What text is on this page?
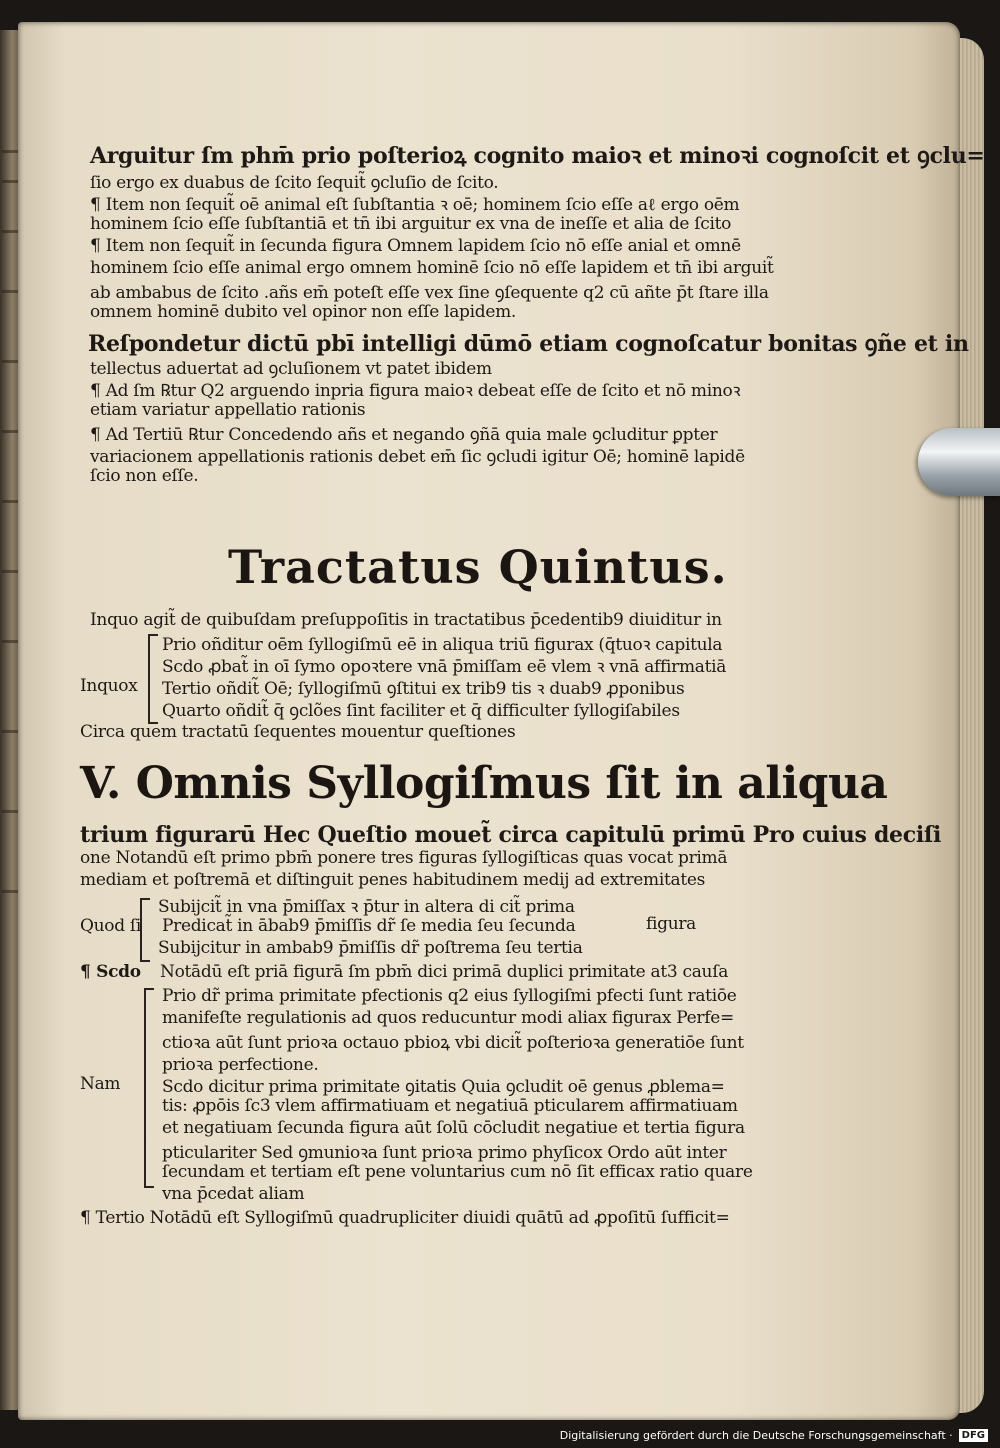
Arguitur ſm phm̄ prio poſterioꝝ cognito maioꝛ et minoꝛi cognoſcit et ꝯclu=
ſio ergo ex duabus de ſcito ſequit̃ ꝯcluſio de ſcito.
¶ Item non ſequit̃ oē animal eſt ſubſtantia ꝛ oē; hominem ſcio eſſe aℓ ergo oēm
hominem ſcio eſſe ſubſtantiā et tn̄ ibi arguitur ex vna de ineſſe et alia de ſcito
¶ Item non ſequit̃ in ſecunda figura Omnem lapidem ſcio nō eſſe anial et omnē
hominem ſcio eſſe animal ergo omnem hominē ſcio nō eſſe lapidem et tn̄ ibi arguit̃
ab ambabus de ſcito .añs em̄ poteſt eſſe vex ſine ꝯſequente q2 cū añte p̄t ſtare illa
omnem hominē dubito vel opinor non eſſe lapidem.
Reſpondetur dictū pbī intelligi dūmō etiam cognoſcatur bonitas ꝯñe et in
tellectus aduertat ad ꝯcluſionem vt patet ibidem
¶ Ad ſm ℞tur Q2 arguendo inpria figura maioꝛ debeat eſſe de ſcito et nō minoꝛ
etiam variatur appellatio rationis
¶ Ad Tertiū ℞tur Concedendo añs et negando ꝯñā quia male ꝯcluditur ꝑpter
variacionem appellationis rationis debet em̄ ſic ꝯcludi igitur Oē; hominē lapidē
ſcio non eſſe.
Tractatus Quintus.
Inquo agit̃ de quibuſdam preſuppoſitis in tractatibus p̄cedentib9 diuiditur in
Prio oñditur oēm ſyllogiſmū eē in aliqua triū figurax (q̄tuoꝛ capitula
Scdo ꝓbat̃ in oī ſymo opoꝛtere vnā p̄miſſam eē vlem ꝛ vnā affirmatiā
Inquox Tertio oñdit̃ Oē; ſyllogiſmū ꝯſtitui ex trib9 tis ꝛ duab9 ꝓponibus
Quarto oñdit̃ q̄ ꝯclões ſint faciliter et q̄ difficulter ſyllogiſabiles
Circa quem tractatū ſequentes mouentur queſtiones
V. Omnis Syllogiſmus ſit in aliqua
trium figurarū Hec Queſtio mouet̃ circa capitulū primū Pro cuius deciſi
one Notandū eſt primo pbm̄ ponere tres figuras ſyllogiſticas quas vocat primā
mediam et poſtremā et diſtinguit penes habitudinem medij ad extremitates
Subijcit̃ in vna p̄miſſax ꝛ p̄tur in altera di cit̃ prima
Quod ſi Predicat̃ in ābab9 p̄miſſis dr̃ ſe media ſeu ſecunda	figura
Subijcitur in ambab9 p̄miſſis dr̃ poſtrema ſeu tertia
¶ Scdo Notādū eſt priā figurā ſm pbm̄ dici primā duplici primitate at3 cauſa
Prio dr̃ prima primitate pfectionis q2 eius ſyllogiſmi pfecti ſunt ratiōe
manifeſte regulationis ad quos reducuntur modi aliax figurax Perfe=
ctioꝛa aūt ſunt prioꝛa octauo pbioꝝ vbi dicit̃ poſterioꝛa generatiōe ſunt
prioꝛa perfectione.
Nam Scdo dicitur prima primitate ꝯitatis Quia ꝯcludit oē genus ꝓblema=
tis: ꝓpōis ſc3 vlem affirmatiuam et negatiuā pticularem affirmatiuam
et negatiuam ſecunda figura aūt ſolū cōcludit negatiue et tertia figura
pticulariter Sed ꝯmunioꝛa ſunt prioꝛa primo phyſicox Ordo aūt inter
ſecundam et tertiam eſt pene voluntarius cum nō ſit efficax ratio quare
vna p̄cedat aliam
¶ Tertio Notādū eſt Syllogiſmū quadrupliciter diuidi quātū ad ꝓpoſitū ſufficit=
Digitalisierung gefördert durch die Deutsche Forschungsgemeinschaft · DFG
